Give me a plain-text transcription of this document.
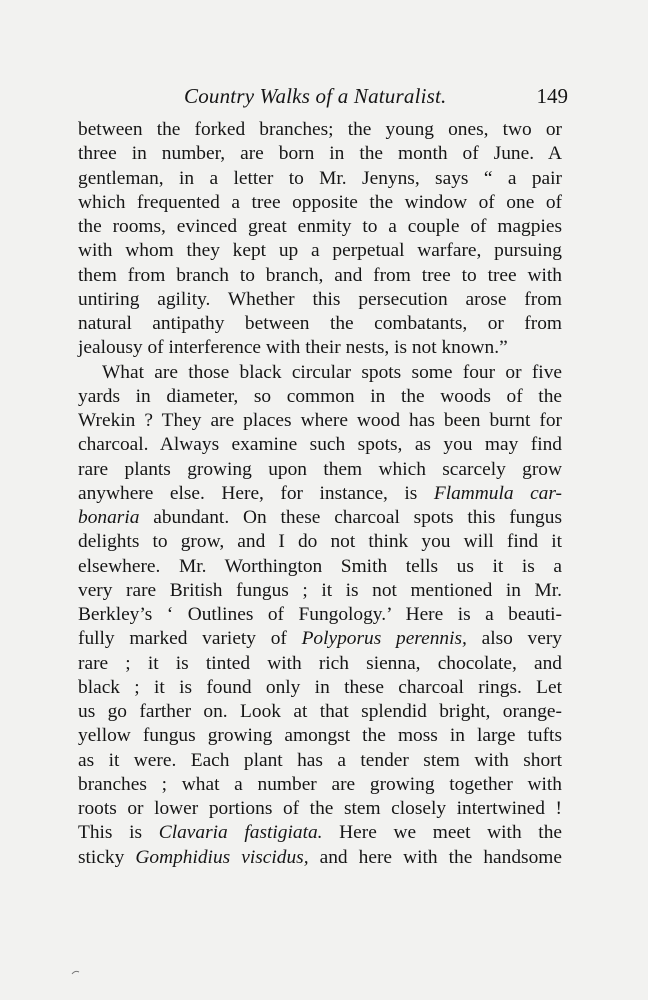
Country Walks of a Naturalist.	149
between the forked branches; the young ones, two or
three in number, are born in the month of June. A
gentleman, in a letter to Mr. Jenyns, says “ a pair
which frequented a tree opposite the window of one of
the rooms, evinced great enmity to a couple of magpies
with whom they kept up a perpetual warfare, pursuing
them from branch to branch, and from tree to tree with
untiring agility. Whether this persecution arose from
natural antipathy between the combatants, or from
jealousy of interference with their nests, is not known.”
What are those black circular spots some four or five
yards in diameter, so common in the woods of the
Wrekin ? They are places where wood has been burnt for
charcoal. Always examine such spots, as you may find
rare plants growing upon them which scarcely grow
anywhere else. Here, for instance, is Flammula car-
bonaria abundant. On these charcoal spots this fungus
delights to grow, and I do not think you will find it
elsewhere. Mr. Worthington Smith tells us it is a
very rare British fungus ; it is not mentioned in Mr.
Berkley’s ‘ Outlines of Fungology.’ Here is a beauti-
fully marked variety of Polyporus perennis, also very
rare ; it is tinted with rich sienna, chocolate, and
black ; it is found only in these charcoal rings. Let
us go farther on. Look at that splendid bright, orange-
yellow fungus growing amongst the moss in large tufts
as it were. Each plant has a tender stem with short
branches ; what a number are growing together with
roots or lower portions of the stem closely intertwined !
This is Clavaria fastigiata. Here we meet with the
sticky Gomphidius viscidus, and here with the handsome
